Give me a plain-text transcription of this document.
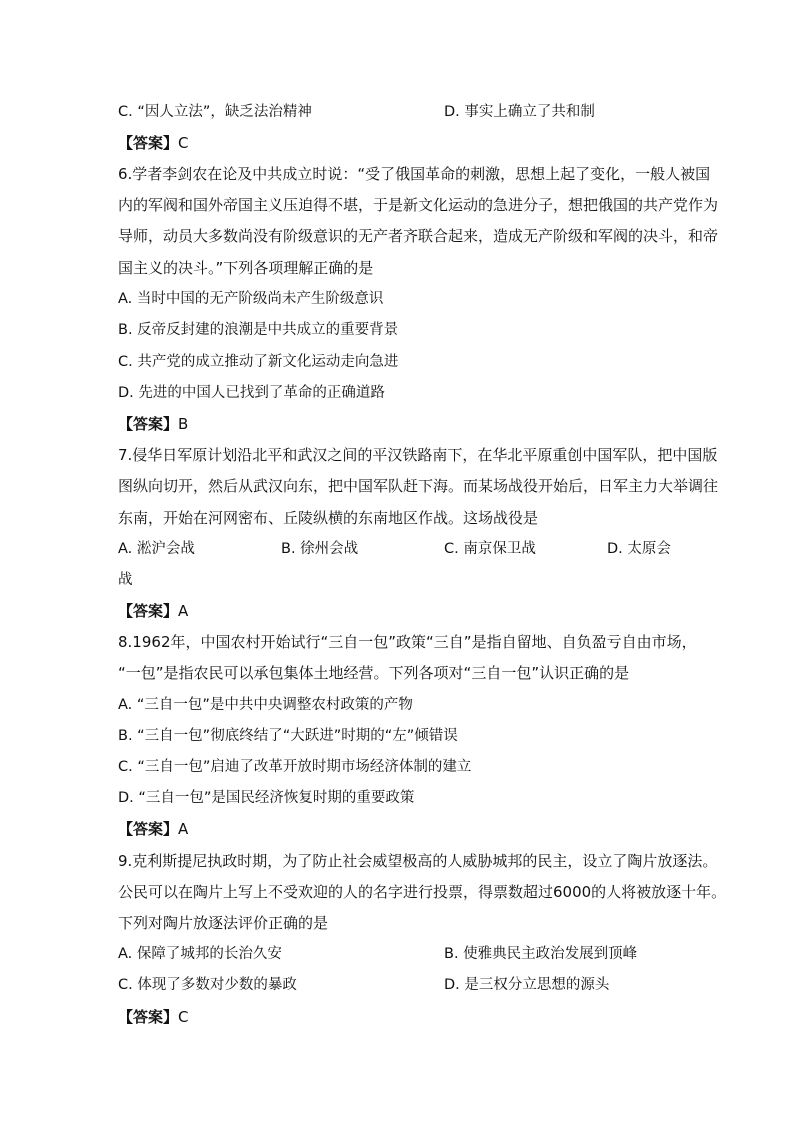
C. “因人立法”，缺乏法治精神	D. 事实上确立了共和制
【答案】C
6.学者李剑农在论及中共成立时说：“受了俄国革命的刺激，思想上起了变化，一般人被国
内的军阀和国外帝国主义压迫得不堪，于是新文化运动的急进分子，想把俄国的共产党作为
导师，动员大多数尚没有阶级意识的无产者齐联合起来，造成无产阶级和军阀的决斗，和帝
国主义的决斗。”下列各项理解正确的是
A. 当时中国的无产阶级尚未产生阶级意识
B. 反帝反封建的浪潮是中共成立的重要背景
C. 共产党的成立推动了新文化运动走向急进
D. 先进的中国人已找到了革命的正确道路
【答案】B
7.侵华日军原计划沿北平和武汉之间的平汉铁路南下，在华北平原重创中国军队，把中国版
图纵向切开，然后从武汉向东，把中国军队赶下海。而某场战役开始后，日军主力大举调往
东南，开始在河网密布、丘陵纵横的东南地区作战。这场战役是
A. 淞沪会战	B. 徐州会战	C. 南京保卫战	D. 太原会
战
【答案】A
8.1962年，中国农村开始试行“三自一包”政策“三自”是指自留地、自负盈亏自由市场，
“一包”是指农民可以承包集体土地经营。下列各项对“三自一包”认识正确的是
A. “三自一包”是中共中央调整农村政策的产物
B. “三自一包”彻底终结了“大跃进”时期的“左”倾错误
C. “三自一包”启迪了改革开放时期市场经济体制的建立
D. “三自一包”是国民经济恢复时期的重要政策
【答案】A
9.克利斯提尼执政时期，为了防止社会威望极高的人威胁城邦的民主，设立了陶片放逐法。
公民可以在陶片上写上不受欢迎的人的名字进行投票，得票数超过6000的人将被放逐十年。
下列对陶片放逐法评价正确的是
A. 保障了城邦的长治久安	B. 使雅典民主政治发展到顶峰
C. 体现了多数对少数的暴政	D. 是三权分立思想的源头
【答案】C
